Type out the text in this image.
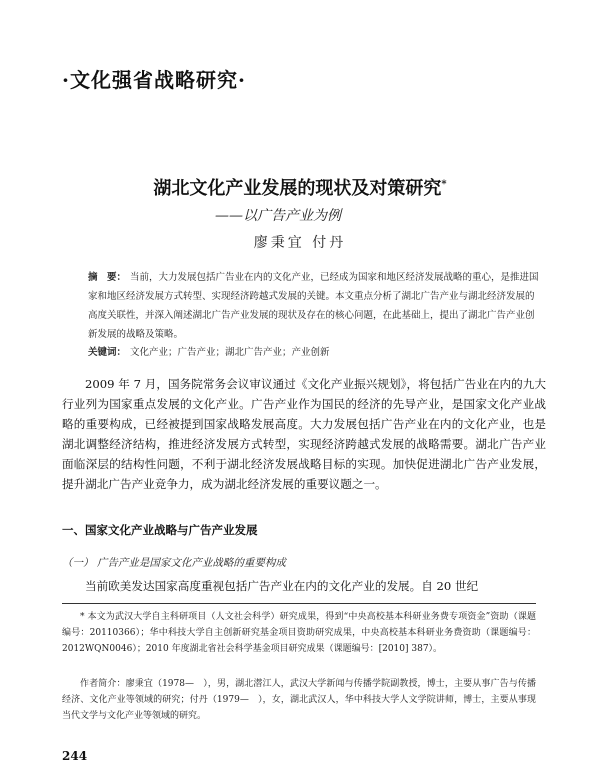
·文化强省战略研究·
湖北文化产业发展的现状及对策研究*
——以广告产业为例
廖秉宜 付丹
摘　要： 当前，大力发展包括广告业在内的文化产业，已经成为国家和地区经济发展战略的重心，是推进国家和地区经济发展方式转型、实现经济跨越式发展的关键。本文重点分析了湖北广告产业与湖北经济发展的高度关联性，并深入阐述湖北广告产业发展的现状及存在的核心问题，在此基础上，提出了湖北广告产业创新发展的战略及策略。
关键词： 文化产业；广告产业；湖北广告产业；产业创新

2009 年 7 月，国务院常务会议审议通过《文化产业振兴规划》，将包括广告业在内的九大行业列为国家重点发展的文化产业。广告产业作为国民的经济的先导产业，是国家文化产业战略的重要构成，已经被提到国家战略发展高度。大力发展包括广告产业在内的文化产业，也是湖北调整经济结构，推进经济发展方式转型，实现经济跨越式发展的战略需要。湖北广告产业面临深层的结构性问题，不利于湖北经济发展战略目标的实现。加快促进湖北广告产业发展，提升湖北广告产业竞争力，成为湖北经济发展的重要议题之一。

一、国家文化产业战略与广告产业发展
（一） 广告产业是国家文化产业战略的重要构成

当前欧美发达国家高度重视包括广告产业在内的文化产业的发展。自 20 世纪

* 本文为武汉大学自主科研项目（人文社会科学）研究成果，得到“中央高校基本科研业务费专项资金”资助（课题编号：20110366）；华中科技大学自主创新研究基金项目资助研究成果，中央高校基本科研业务费资助（课题编号：2012WQN0046）；2010 年度湖北省社会科学基金项目研究成果（课题编号：[2010] 387）。

作者简介：廖秉宜（1978—　），男，湖北潜江人，武汉大学新闻与传播学院副教授，博士，主要从事广告与传播经济、文化产业等领域的研究；付丹（1979—　），女，湖北武汉人，华中科技大学人文学院讲师，博士，主要从事现当代文学与文化产业等领域的研究。

244
